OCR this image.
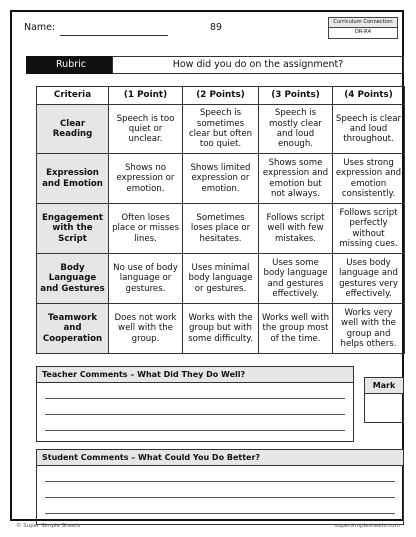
Name:	89	Curriculum Connection
DR-R4
Rubric	How did you do on the assignment?
Criteria	(1 Point)	(2 Points)	(3 Points)	(4 Points)
Clear Reading	Speech is too quiet or unclear.	Speech is sometimes clear but often too quiet.	Speech is mostly clear and loud enough.	Speech is clear and loud throughout.
Expression and Emotion	Shows no expression or emotion.	Shows limited expression or emotion.	Shows some expression and emotion but not always.	Uses strong expression and emotion consistently.
Engagement with the Script	Often loses place or misses lines.	Sometimes loses place or hesitates.	Follows script well with few mistakes.	Follows script perfectly without missing cues.
Body Language and Gestures	No use of body language or gestures.	Uses minimal body language or gestures.	Uses some body language and gestures effectively.	Uses body language and gestures very effectively.
Teamwork and Cooperation	Does not work well with the group.	Works with the group but with some difficulty.	Works well with the group most of the time.	Works very well with the group and helps others.
Teacher Comments – What Did They Do Well?
Mark
Student Comments – What Could You Do Better?
© Super Simple Sheets	supersimplesheets.com
